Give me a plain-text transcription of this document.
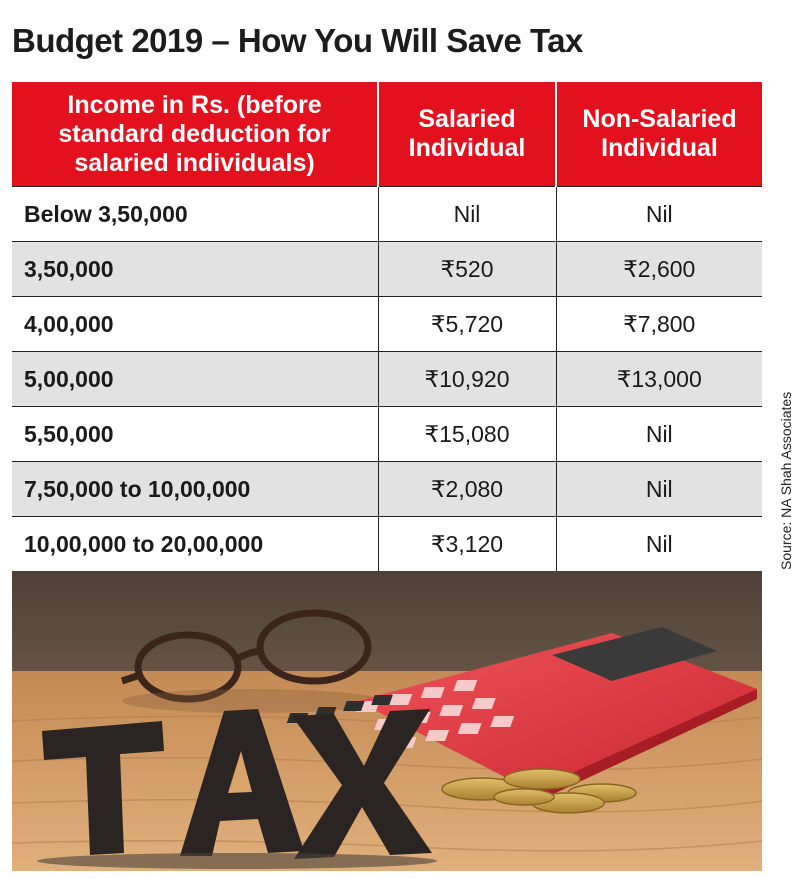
Budget 2019 – How You Will Save Tax
Income in Rs. (before standard deduction for salaried individuals)	Salaried Individual	Non-Salaried Individual
Below 3,50,000	Nil	Nil
3,50,000	₹520	₹2,600
4,00,000	₹5,720	₹7,800
5,00,000	₹10,920	₹13,000
5,50,000	₹15,080	Nil
7,50,000 to 10,00,000	₹2,080	Nil
10,00,000 to 20,00,000	₹3,120	Nil	Source: NA Shah Associates
